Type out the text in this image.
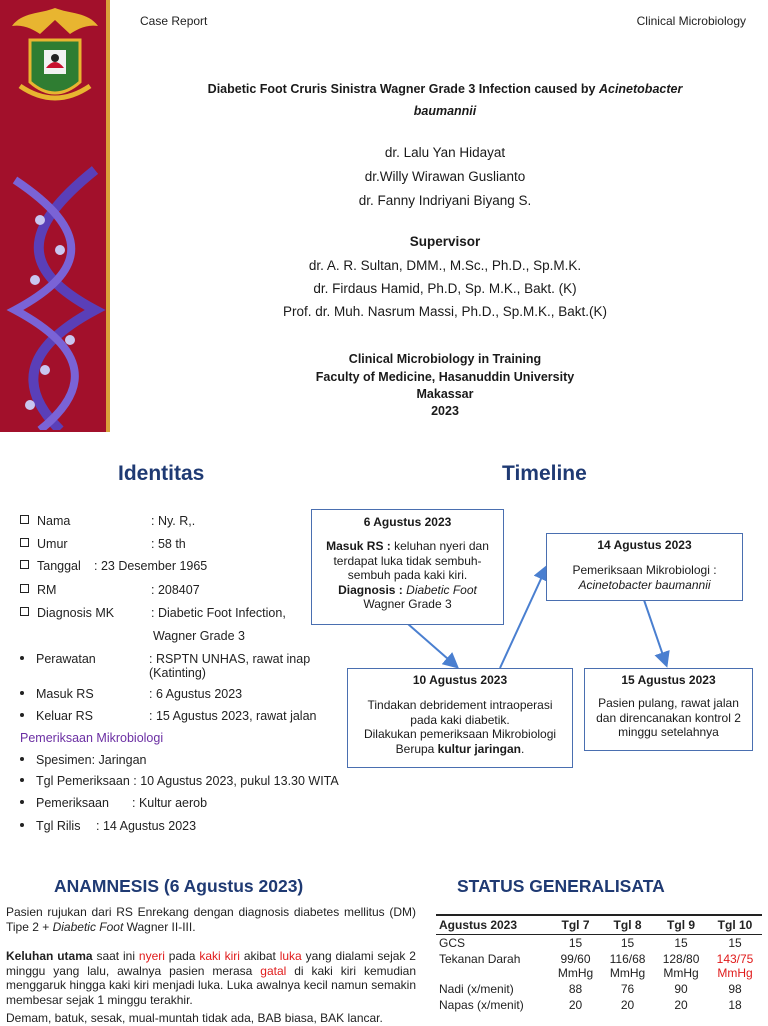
Case Report	Clinical Microbiology
Diabetic Foot Cruris Sinistra Wagner Grade 3 Infection caused by Acinetobacter
baumannii
dr. Lalu Yan Hidayat
dr.Willy Wirawan Guslianto
dr. Fanny Indriyani Biyang S.
Supervisor
dr. A. R. Sultan, DMM., M.Sc., Ph.D., Sp.M.K.
dr. Firdaus Hamid, Ph.D, Sp. M.K., Bakt. (K)
Prof. dr. Muh. Nasrum Massi, Ph.D., Sp.M.K., Bakt.(K)
Clinical Microbiology in Training
Faculty of Medicine, Hasanuddin University
Makassar
2023
Identitas
Nama	: Ny. R,.
Umur	: 58 th
Tanggal : 23 Desember 1965
RM	: 208407
Diagnosis MK	: Diabetic Foot Infection,
Wagner Grade 3
Perawatan	: RSPTN UNHAS, rawat inap
(Katinting)
Masuk RS	: 6 Agustus 2023
Keluar RS	: 15 Agustus 2023, rawat jalan
Pemeriksaan Mikrobiologi
Spesimen: Jaringan
Tgl Pemeriksaan : 10 Agustus 2023, pukul 13.30 WITA
Pemeriksaan : Kultur aerob
Tgl Rilis : 14 Agustus 2023
Timeline
6 Agustus 2023
Masuk RS : keluhan nyeri dan
terdapat luka tidak sembuh-
sembuh pada kaki kiri.
Diagnosis : Diabetic Foot
Wagner Grade 3
14 Agustus 2023
Pemeriksaan Mikrobiologi :
Acinetobacter baumannii
10 Agustus 2023
Tindakan debridement intraoperasi
pada kaki diabetik.
Dilakukan pemeriksaan Mikrobiologi
Berupa kultur jaringan.
15 Agustus 2023
Pasien pulang, rawat jalan
dan direncanakan kontrol 2
minggu setelahnya
ANAMNESIS (6 Agustus 2023)
Pasien rujukan dari RS Enrekang dengan diagnosis diabetes mellitus (DM) Tipe 2 + Diabetic Foot Wagner II-III.
Keluhan utama saat ini nyeri pada kaki kiri akibat luka yang dialami sejak 2 minggu yang lalu, awalnya pasien merasa gatal di kaki kiri kemudian menggaruk hingga kaki kiri menjadi luka. Luka awalnya kecil namun semakin membesar sejak 1 minggu terakhir.
Demam, batuk, sesak, mual-muntah tidak ada, BAB biasa, BAK lancar.
STATUS GENERALISATA
Agustus 2023	Tgl 7	Tgl 8	Tgl 9	Tgl 10
GCS	15	15	15	15
Tekanan Darah	99/60 MmHg	116/68 MmHg	128/80 MmHg	143/75 MmHg
Nadi (x/menit)	88	76	90	98
Napas (x/menit)	20	20	20	18
